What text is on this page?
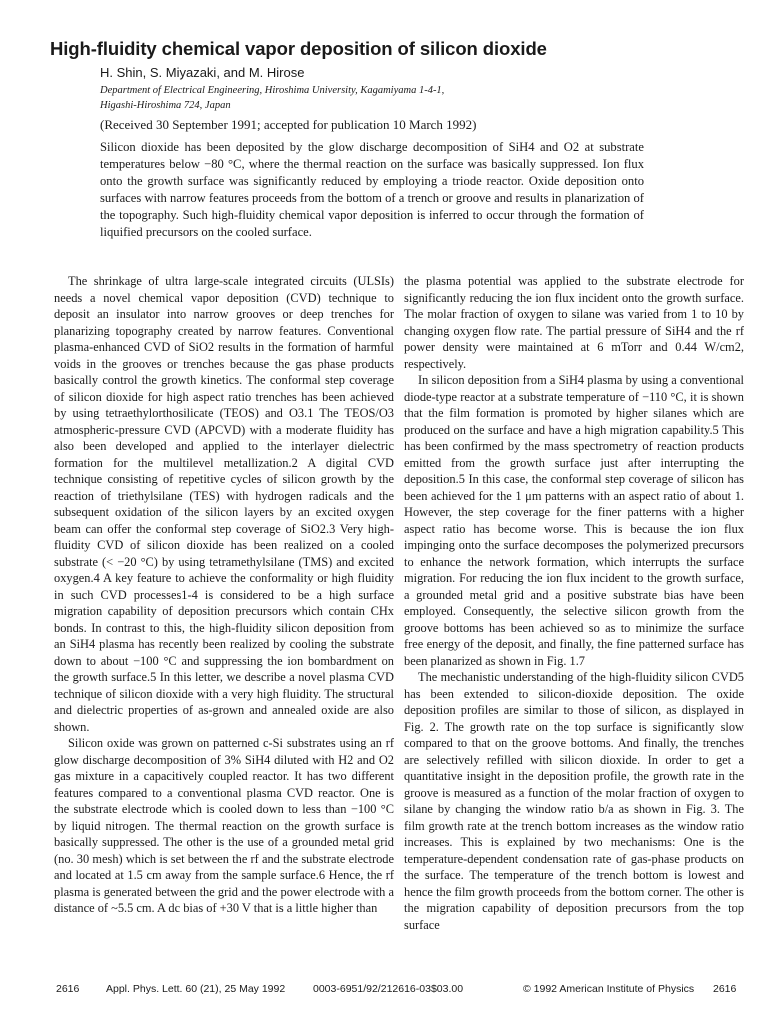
High-fluidity chemical vapor deposition of silicon dioxide
H. Shin, S. Miyazaki, and M. Hirose
Department of Electrical Engineering, Hiroshima University, Kagamiyama 1-4-1,
Higashi-Hiroshima 724, Japan
(Received 30 September 1991; accepted for publication 10 March 1992)
Silicon dioxide has been deposited by the glow discharge decomposition of SiH4 and O2 at substrate temperatures below −80 °C, where the thermal reaction on the surface was basically suppressed. Ion flux onto the growth surface was significantly reduced by employing a triode reactor. Oxide deposition onto surfaces with narrow features proceeds from the bottom of a trench or groove and results in planarization of the topography. Such high-fluidity chemical vapor deposition is inferred to occur through the formation of liquified precursors on the cooled surface.

The shrinkage of ultra large-scale integrated circuits (ULSIs) needs a novel chemical vapor deposition (CVD) technique to deposit an insulator into narrow grooves or deep trenches for planarizing topography created by narrow features. Conventional plasma-enhanced CVD of SiO2 results in the formation of harmful voids in the grooves or trenches because the gas phase products basically control the growth kinetics. The conformal step coverage of silicon dioxide for high aspect ratio trenches has been achieved by using tetraethylorthosilicate (TEOS) and O3.1 The TEOS/O3 atmospheric-pressure CVD (APCVD) with a moderate fluidity has also been developed and applied to the interlayer dielectric formation for the multilevel metallization.2 A digital CVD technique consisting of repetitive cycles of silicon growth by the reaction of triethylsilane (TES) with hydrogen radicals and the subsequent oxidation of the silicon layers by an excited oxygen beam can offer the conformal step coverage of SiO2.3 Very high-fluidity CVD of silicon dioxide has been realized on a cooled substrate (< −20 °C) by using tetramethylsilane (TMS) and excited oxygen.4 A key feature to achieve the conformality or high fluidity in such CVD processes1-4 is considered to be a high surface migration capability of deposition precursors which contain CHx bonds. In contrast to this, the high-fluidity silicon deposition from an SiH4 plasma has recently been realized by cooling the substrate down to about −100 °C and suppressing the ion bombardment on the growth surface.5 In this letter, we describe a novel plasma CVD technique of silicon dioxide with a very high fluidity. The structural and dielectric properties of as-grown and annealed oxide are also shown.

Silicon oxide was grown on patterned c-Si substrates using an rf glow discharge decomposition of 3% SiH4 diluted with H2 and O2 gas mixture in a capacitively coupled reactor. It has two different features compared to a conventional plasma CVD reactor. One is the substrate electrode which is cooled down to less than −100 °C by liquid nitrogen. The thermal reaction on the growth surface is basically suppressed. The other is the use of a grounded metal grid (no. 30 mesh) which is set between the rf and the substrate electrode and located at 1.5 cm away from the sample surface.6 Hence, the rf plasma is generated between the grid and the power electrode with a distance of ~5.5 cm. A dc bias of +30 V that is a little higher than

the plasma potential was applied to the substrate electrode for significantly reducing the ion flux incident onto the growth surface. The molar fraction of oxygen to silane was varied from 1 to 10 by changing oxygen flow rate. The partial pressure of SiH4 and the rf power density were maintained at 6 mTorr and 0.44 W/cm2, respectively.

In silicon deposition from a SiH4 plasma by using a conventional diode-type reactor at a substrate temperature of −110 °C, it is shown that the film formation is promoted by higher silanes which are produced on the surface and have a high migration capability.5 This has been confirmed by the mass spectrometry of reaction products emitted from the growth surface just after interrupting the deposition.5 In this case, the conformal step coverage of silicon has been achieved for the 1 μm patterns with an aspect ratio of about 1. However, the step coverage for the finer patterns with a higher aspect ratio has become worse. This is because the ion flux impinging onto the surface decomposes the polymerized precursors to enhance the network formation, which interrupts the surface migration. For reducing the ion flux incident to the growth surface, a grounded metal grid and a positive substrate bias have been employed. Consequently, the selective silicon growth from the groove bottoms has been achieved so as to minimize the surface free energy of the deposit, and finally, the fine patterned surface has been planarized as shown in Fig. 1.7

The mechanistic understanding of the high-fluidity silicon CVD5 has been extended to silicon-dioxide deposition. The oxide deposition profiles are similar to those of silicon, as displayed in Fig. 2. The growth rate on the top surface is significantly slow compared to that on the groove bottoms. And finally, the trenches are selectively refilled with silicon dioxide. In order to get a quantitative insight in the deposition profile, the growth rate in the groove is measured as a function of the molar fraction of oxygen to silane by changing the window ratio b/a as shown in Fig. 3. The film growth rate at the trench bottom increases as the window ratio increases. This is explained by two mechanisms: One is the temperature-dependent condensation rate of gas-phase products on the surface. The temperature of the trench bottom is lowest and hence the film growth proceeds from the bottom corner. The other is the migration capability of deposition precursors from the top surface

2616	Appl. Phys. Lett. 60 (21), 25 May 1992	0003-6951/92/212616-03$03.00	© 1992 American Institute of Physics 2616
